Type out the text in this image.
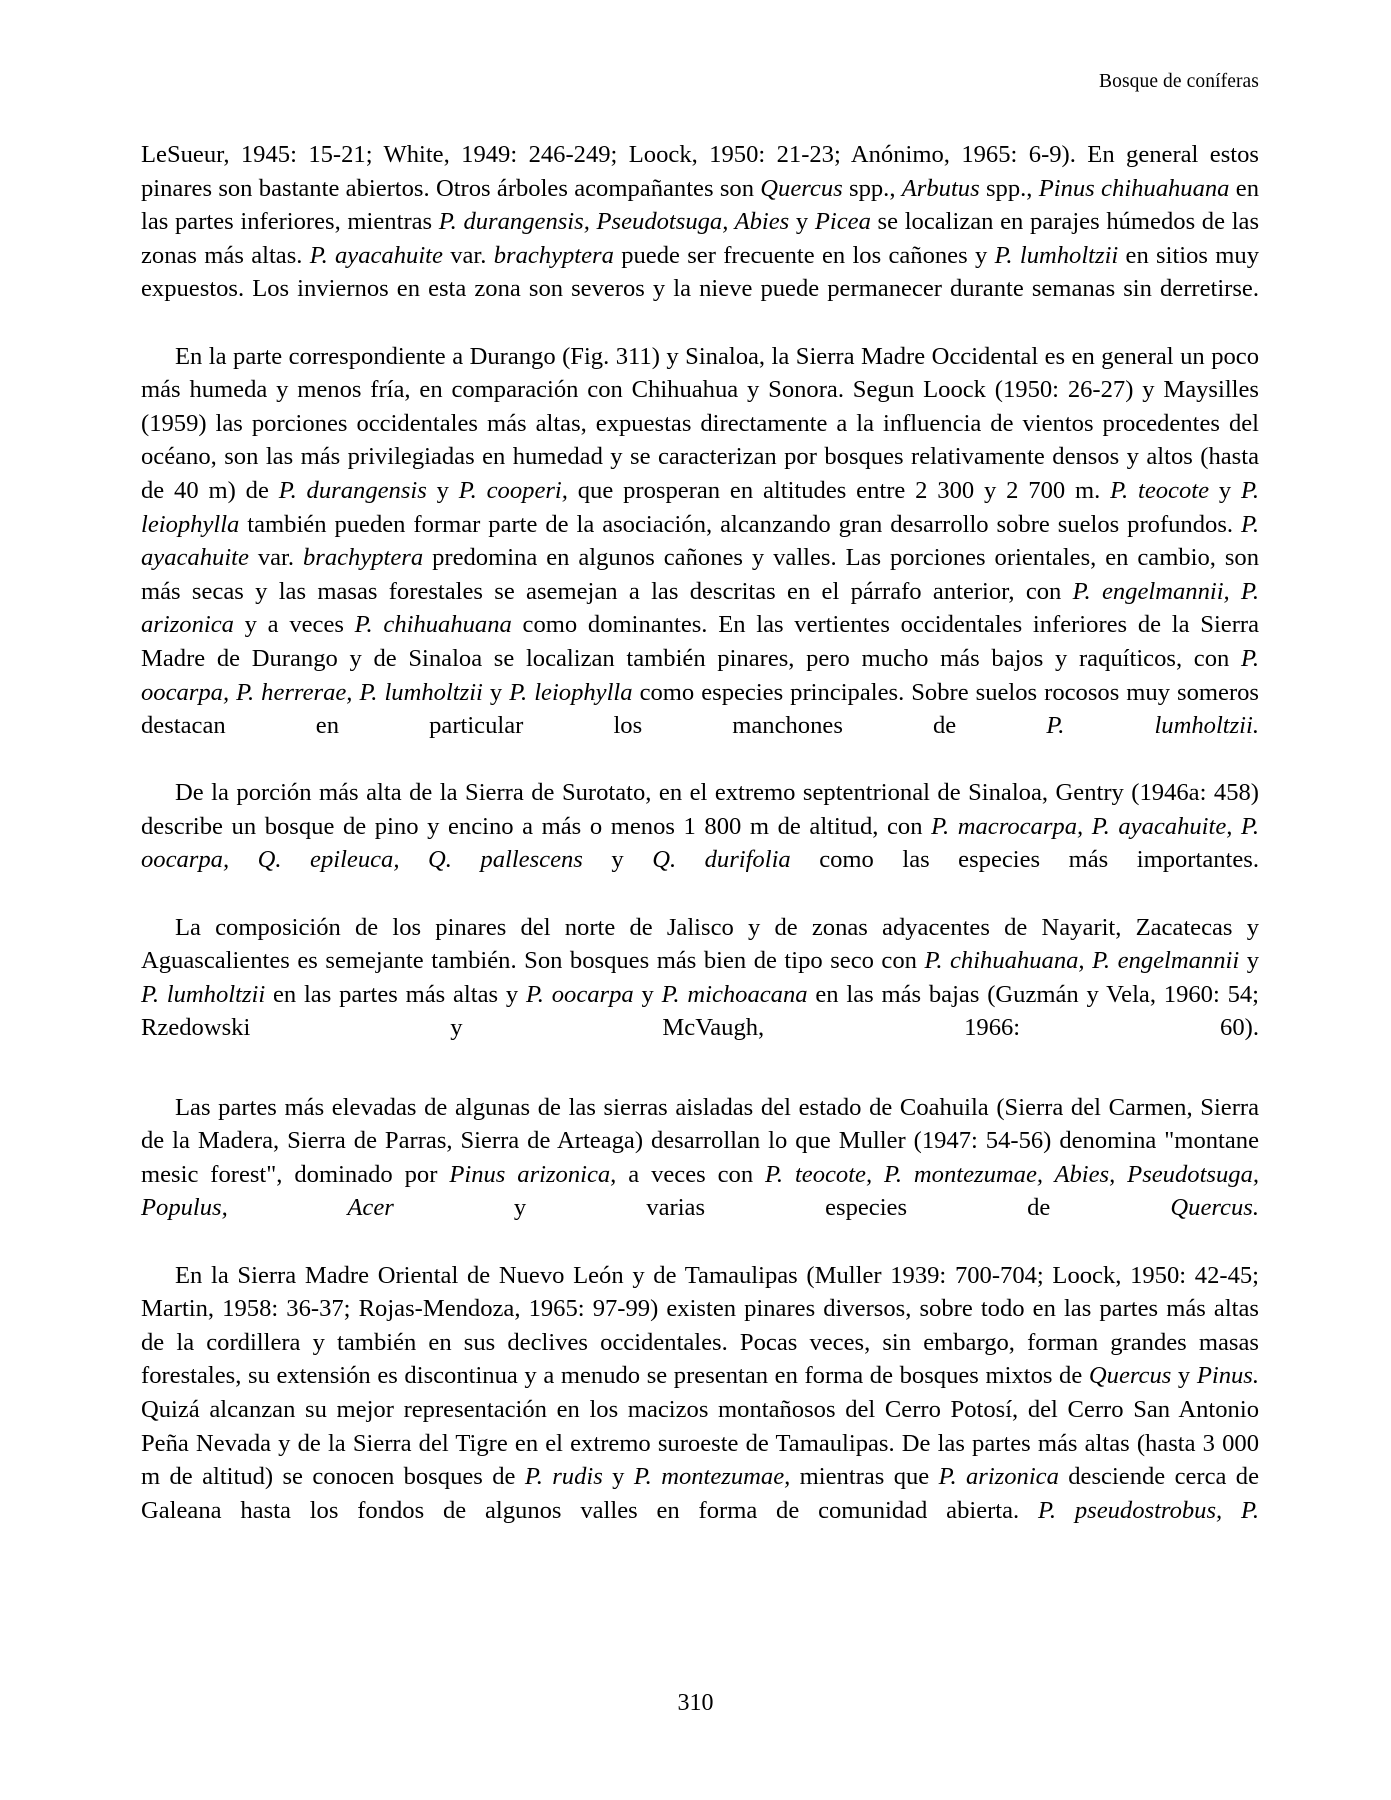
Bosque de coníferas

LeSueur, 1945: 15-21; White, 1949: 246-249; Loock, 1950: 21-23; Anónimo, 1965: 6-9). En general estos pinares son bastante abiertos. Otros árboles acompañantes son Quercus spp., Arbutus spp., Pinus chihuahuana en las partes inferiores, mientras P. durangensis, Pseudotsuga, Abies y Picea se localizan en parajes húmedos de las zonas más altas. P. ayacahuite var. brachyptera puede ser frecuente en los cañones y P. lumholtzii en sitios muy expuestos. Los inviernos en esta zona son severos y la nieve puede permanecer durante semanas sin derretirse.

En la parte correspondiente a Durango (Fig. 311) y Sinaloa, la Sierra Madre Occidental es en general un poco más humeda y menos fría, en comparación con Chihuahua y Sonora. Segun Loock (1950: 26-27) y Maysilles (1959) las porciones occidentales más altas, expuestas directamente a la influencia de vientos procedentes del océano, son las más privilegiadas en humedad y se caracterizan por bosques relativamente densos y altos (hasta de 40 m) de P. durangensis y P. cooperi, que prosperan en altitudes entre 2 300 y 2 700 m. P. teocote y P. leiophylla también pueden formar parte de la asociación, alcanzando gran desarrollo sobre suelos profundos. P. ayacahuite var. brachyptera predomina en algunos cañones y valles. Las porciones orientales, en cambio, son más secas y las masas forestales se asemejan a las descritas en el párrafo anterior, con P. engelmannii, P. arizonica y a veces P. chihuahuana como dominantes. En las vertientes occidentales inferiores de la Sierra Madre de Durango y de Sinaloa se localizan también pinares, pero mucho más bajos y raquíticos, con P. oocarpa, P. herrerae, P. lumholtzii y P. leiophylla como especies principales. Sobre suelos rocosos muy someros destacan en particular los manchones de P. lumholtzii.

De la porción más alta de la Sierra de Surotato, en el extremo septentrional de Sinaloa, Gentry (1946a: 458) describe un bosque de pino y encino a más o menos 1 800 m de altitud, con P. macrocarpa, P. ayacahuite, P. oocarpa, Q. epileuca, Q. pallescens y Q. durifolia como las especies más importantes.

La composición de los pinares del norte de Jalisco y de zonas adyacentes de Nayarit, Zacatecas y Aguascalientes es semejante también. Son bosques más bien de tipo seco con P. chihuahuana, P. engelmannii y P. lumholtzii en las partes más altas y P. oocarpa y P. michoacana en las más bajas (Guzmán y Vela, 1960: 54; Rzedowski y McVaugh, 1966: 60).

Las partes más elevadas de algunas de las sierras aisladas del estado de Coahuila (Sierra del Carmen, Sierra de la Madera, Sierra de Parras, Sierra de Arteaga) desarrollan lo que Muller (1947: 54-56) denomina "montane mesic forest", dominado por Pinus arizonica, a veces con P. teocote, P. montezumae, Abies, Pseudotsuga, Populus, Acer y varias especies de Quercus.

En la Sierra Madre Oriental de Nuevo León y de Tamaulipas (Muller 1939: 700-704; Loock, 1950: 42-45; Martin, 1958: 36-37; Rojas-Mendoza, 1965: 97-99) existen pinares diversos, sobre todo en las partes más altas de la cordillera y también en sus declives occidentales. Pocas veces, sin embargo, forman grandes masas forestales, su extensión es discontinua y a menudo se presentan en forma de bosques mixtos de Quercus y Pinus. Quizá alcanzan su mejor representación en los macizos montañosos del Cerro Potosí, del Cerro San Antonio Peña Nevada y de la Sierra del Tigre en el extremo suroeste de Tamaulipas. De las partes más altas (hasta 3 000 m de altitud) se conocen bosques de P. rudis y P. montezumae, mientras que P. arizonica desciende cerca de Galeana hasta los fondos de algunos valles en forma de comunidad abierta. P. pseudostrobus, P.

310
